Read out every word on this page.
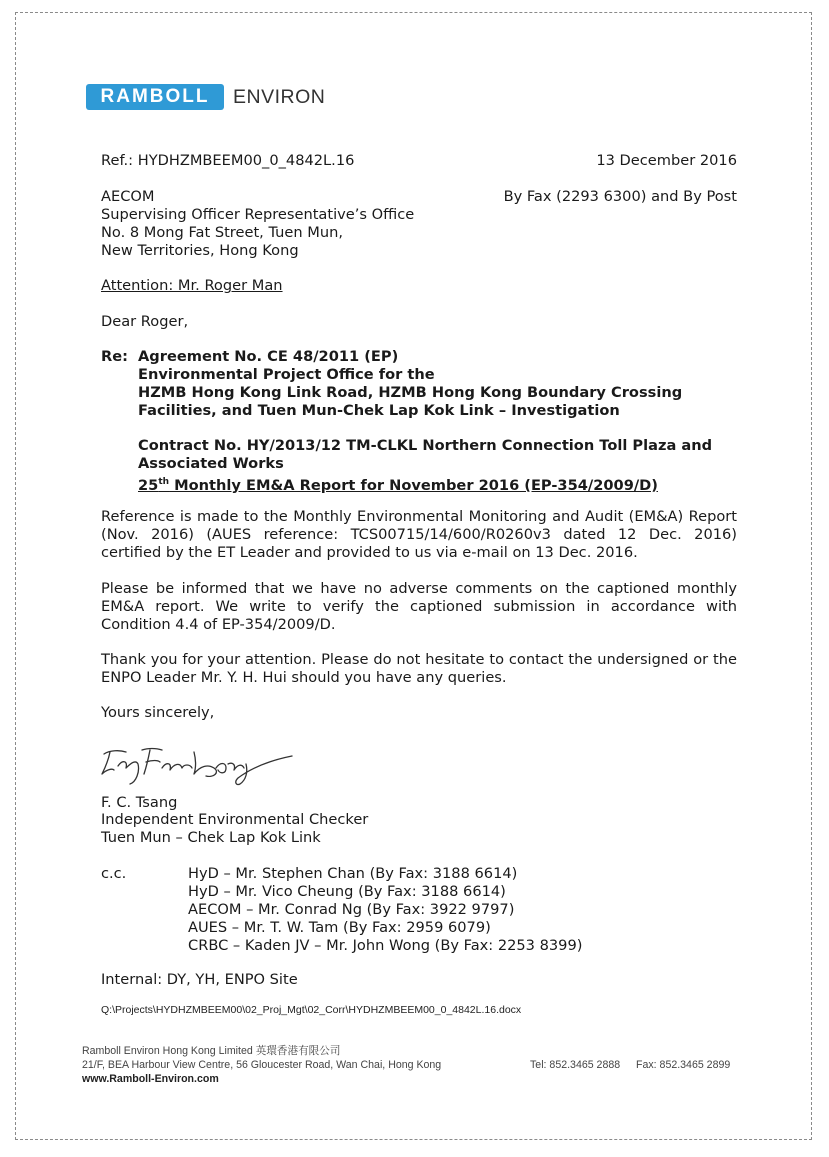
RAMBOLL	ENVIRON
Ref.: HYDHZMBEEM00_0_4842L.16	13 December 2016
AECOM
Supervising Officer Representative’s Office
No. 8 Mong Fat Street, Tuen Mun,
New Territories, Hong Kong
By Fax (2293 6300) and By Post
Attention: Mr. Roger Man
Dear Roger,
Re: Agreement No. CE 48/2011 (EP)
Environmental Project Office for the
HZMB Hong Kong Link Road, HZMB Hong Kong Boundary Crossing
Facilities, and Tuen Mun-Chek Lap Kok Link – Investigation
Contract No. HY/2013/12 TM-CLKL Northern Connection Toll Plaza and
Associated Works
25th Monthly EM&A Report for November 2016 (EP-354/2009/D)
Reference is made to the Monthly Environmental Monitoring and Audit (EM&A) Report (Nov. 2016) (AUES reference: TCS00715/14/600/R0260v3 dated 12 Dec. 2016) certified by the ET Leader and provided to us via e-mail on 13 Dec. 2016.
Please be informed that we have no adverse comments on the captioned monthly EM&A report. We write to verify the captioned submission in accordance with Condition 4.4 of EP-354/2009/D.
Thank you for your attention. Please do not hesitate to contact the undersigned or the ENPO Leader Mr. Y. H. Hui should you have any queries.
Yours sincerely,
F. C. Tsang
Independent Environmental Checker
Tuen Mun – Chek Lap Kok Link
c.c.	HyD – Mr. Stephen Chan (By Fax: 3188 6614)
HyD – Mr. Vico Cheung (By Fax: 3188 6614)
AECOM – Mr. Conrad Ng (By Fax: 3922 9797)
AUES – Mr. T. W. Tam (By Fax: 2959 6079)
CRBC – Kaden JV – Mr. John Wong (By Fax: 2253 8399)
Internal: DY, YH, ENPO Site
Q:\Projects\HYDHZMBEEM00\02_Proj_Mgt\02_Corr\HYDHZMBEEM00_0_4842L.16.docx
Ramboll Environ Hong Kong Limited 英環香港有限公司
21/F, BEA Harbour View Centre, 56 Gloucester Road, Wan Chai, Hong Kong	Tel: 852.3465 2888 Fax: 852.3465 2899
www.Ramboll-Environ.com
